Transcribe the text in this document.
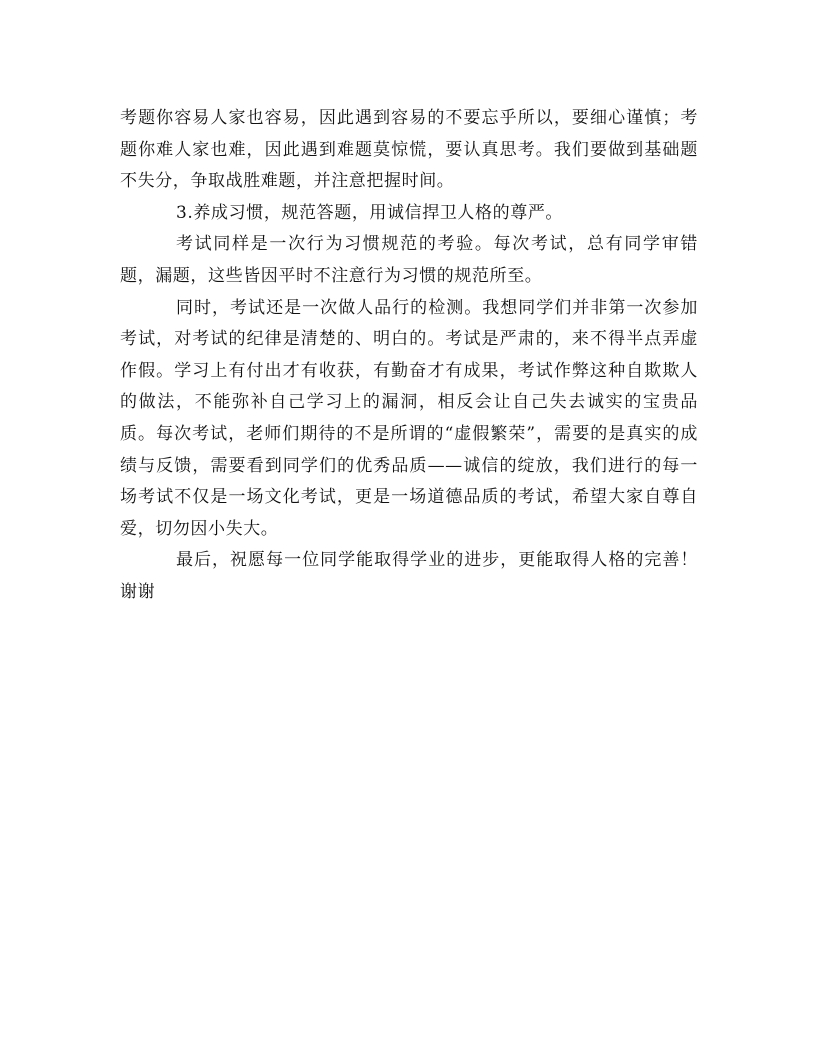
考题你容易人家也容易，因此遇到容易的不要忘乎所以，要细心谨慎；考题你难人家也难，因此遇到难题莫惊慌，要认真思考。我们要做到基础题不失分，争取战胜难题，并注意把握时间。

3.养成习惯，规范答题，用诚信捍卫人格的尊严。

考试同样是一次行为习惯规范的考验。每次考试，总有同学审错题，漏题，这些皆因平时不注意行为习惯的规范所至。

同时，考试还是一次做人品行的检测。我想同学们并非第一次参加考试，对考试的纪律是清楚的、明白的。考试是严肃的，来不得半点弄虚作假。学习上有付出才有收获，有勤奋才有成果，考试作弊这种自欺欺人的做法，不能弥补自己学习上的漏洞，相反会让自己失去诚实的宝贵品质。每次考试，老师们期待的不是所谓的“虚假繁荣”，需要的是真实的成绩与反馈，需要看到同学们的优秀品质——诚信的绽放，我们进行的每一场考试不仅是一场文化考试，更是一场道德品质的考试，希望大家自尊自爱，切勿因小失大。

最后，祝愿每一位同学能取得学业的进步，更能取得人格的完善！谢谢
